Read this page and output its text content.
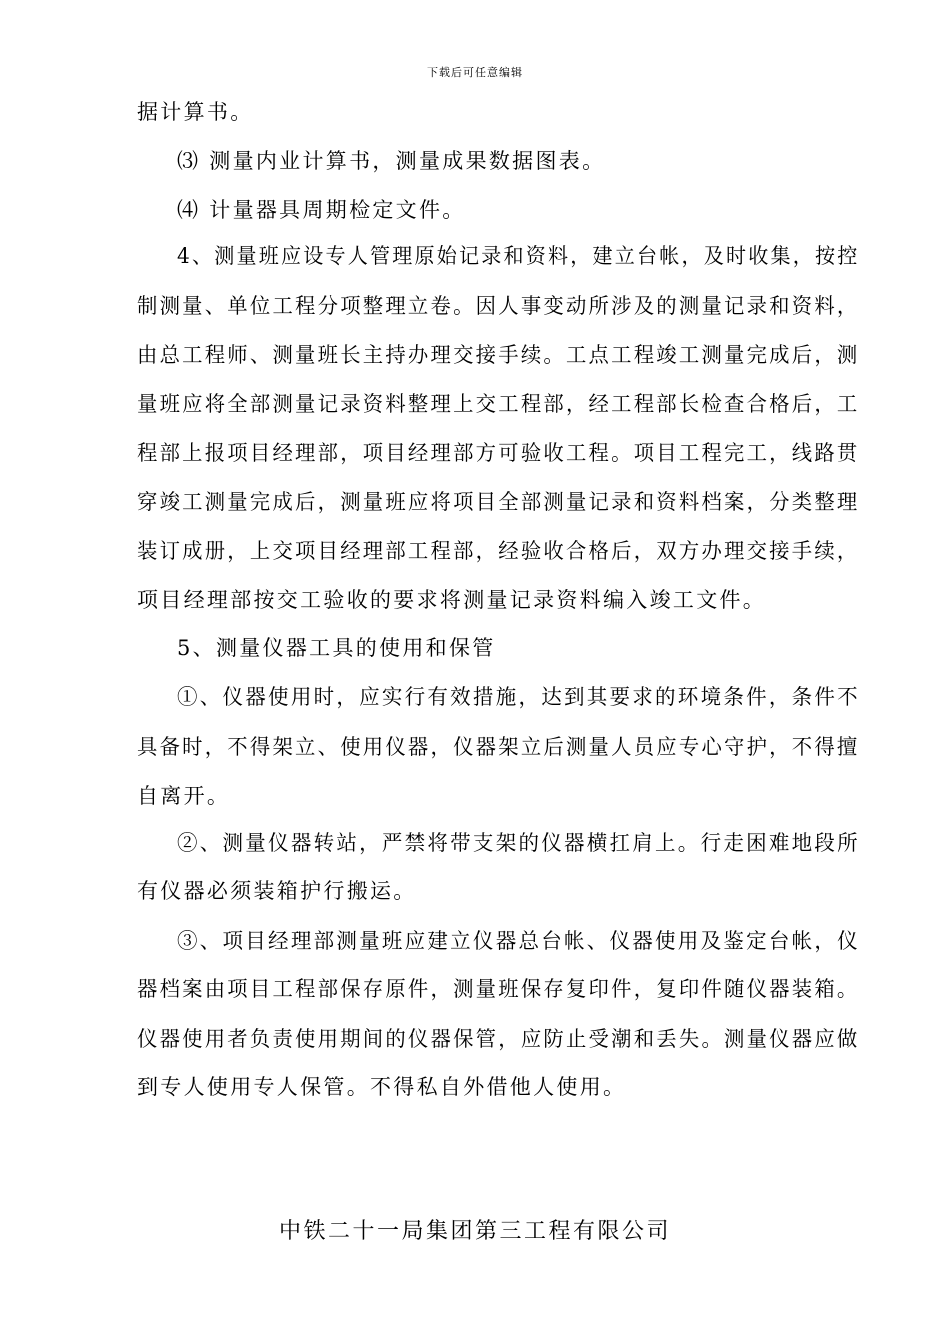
下载后可任意编辑
据计算书。
⑶ 测量内业计算书，测量成果数据图表。
⑷ 计量器具周期检定文件。
4、测量班应设专人管理原始记录和资料，建立台帐，及时收集，按控
制测量、单位工程分项整理立卷。因人事变动所涉及的测量记录和资料，
由总工程师、测量班长主持办理交接手续。工点工程竣工测量完成后，测
量班应将全部测量记录资料整理上交工程部，经工程部长检查合格后，工
程部上报项目经理部，项目经理部方可验收工程。项目工程完工，线路贯
穿竣工测量完成后，测量班应将项目全部测量记录和资料档案，分类整理
装订成册，上交项目经理部工程部，经验收合格后，双方办理交接手续，
项目经理部按交工验收的要求将测量记录资料编入竣工文件。
5、测量仪器工具的使用和保管
①、仪器使用时，应实行有效措施，达到其要求的环境条件，条件不
具备时，不得架立、使用仪器，仪器架立后测量人员应专心守护，不得擅
自离开。
②、测量仪器转站，严禁将带支架的仪器横扛肩上。行走困难地段所
有仪器必须装箱护行搬运。
③、项目经理部测量班应建立仪器总台帐、仪器使用及鉴定台帐，仪
器档案由项目工程部保存原件，测量班保存复印件，复印件随仪器装箱。
仪器使用者负责使用期间的仪器保管，应防止受潮和丢失。测量仪器应做
到专人使用专人保管。不得私自外借他人使用。
中铁二十一局集团第三工程有限公司
